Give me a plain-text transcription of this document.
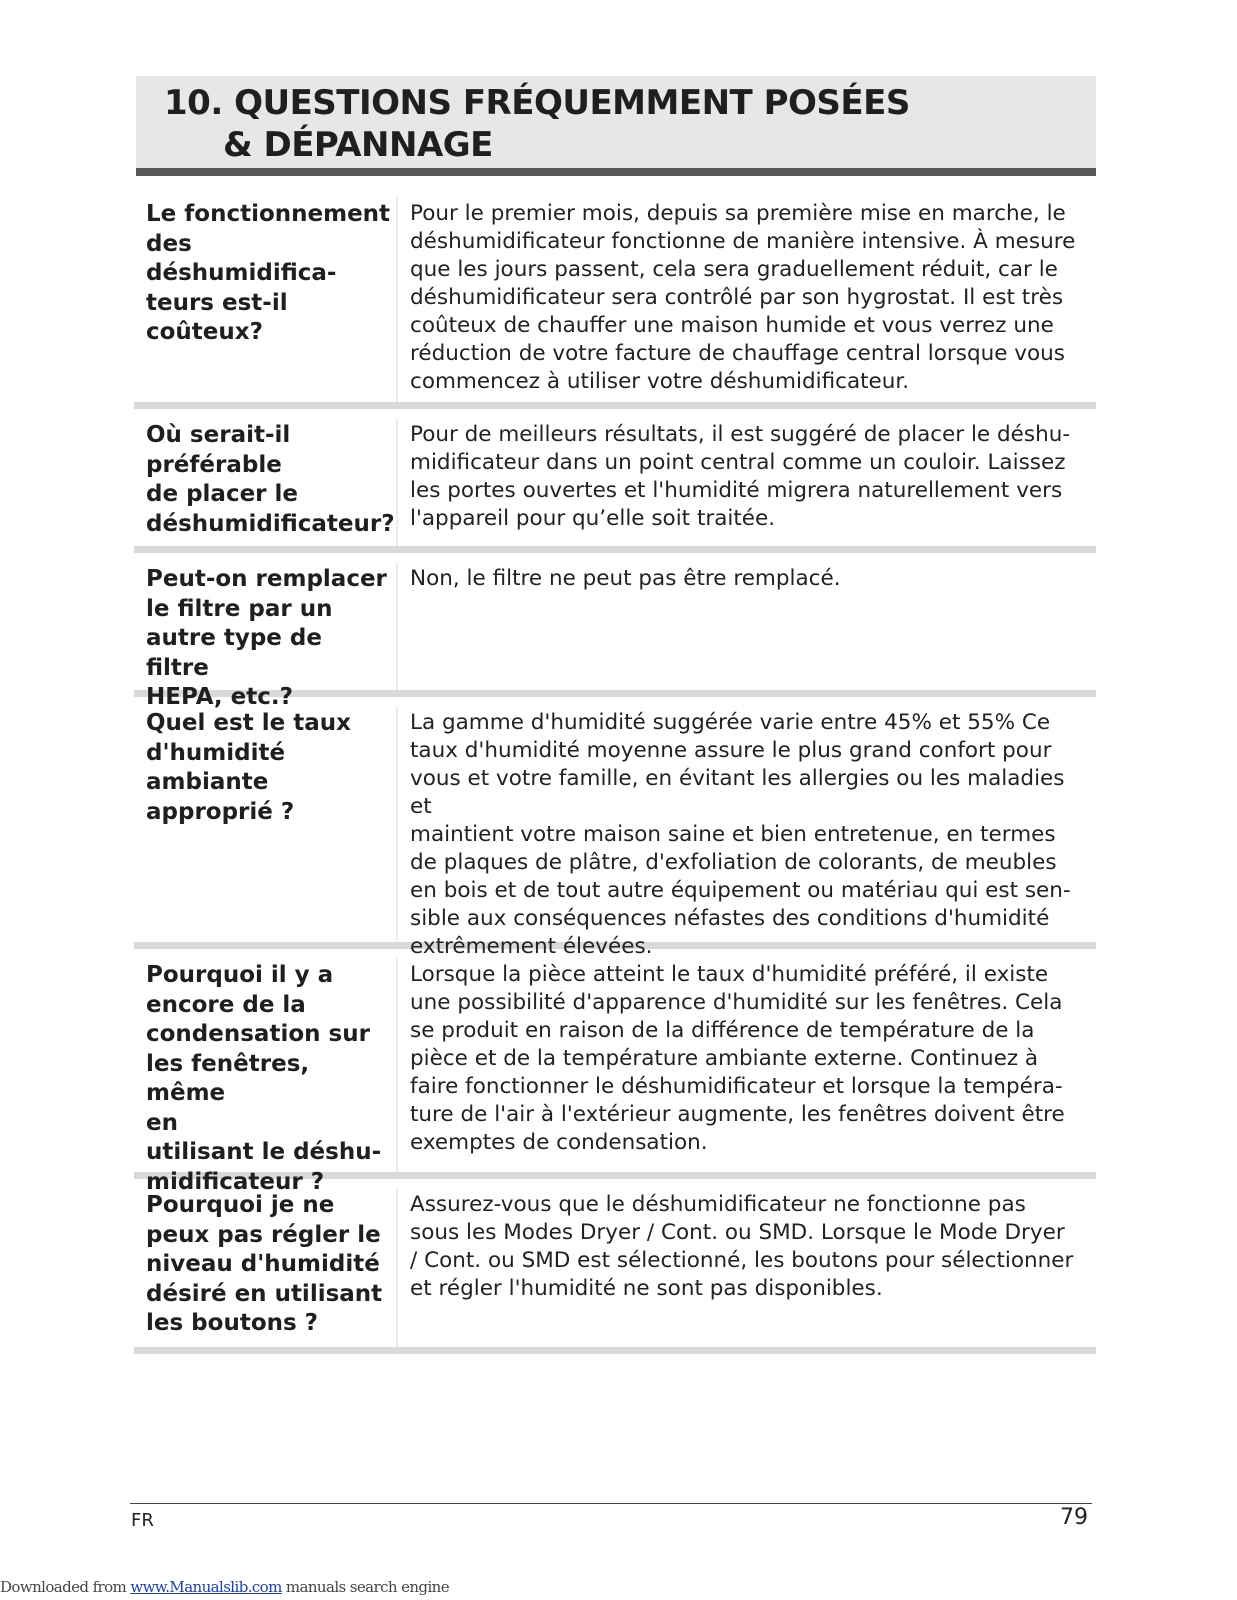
10. QUESTIONS FRÉQUEMMENT POSÉES
& DÉPANNAGE
Le fonctionnement
des
déshumidifica-
teurs est-il
coûteux?
Pour le premier mois, depuis sa première mise en marche, le
déshumidificateur fonctionne de manière intensive. À mesure
que les jours passent, cela sera graduellement réduit, car le
déshumidificateur sera contrôlé par son hygrostat. Il est très
coûteux de chauffer une maison humide et vous verrez une
réduction de votre facture de chauffage central lorsque vous
commencez à utiliser votre déshumidificateur.
Où serait-il
préférable
de placer le
déshumidificateur?
Pour de meilleurs résultats, il est suggéré de placer le déshu-
midificateur dans un point central comme un couloir. Laissez
les portes ouvertes et l'humidité migrera naturellement vers
l'appareil pour qu’elle soit traitée.
Peut-on remplacer
le filtre par un
autre type de filtre
HEPA, etc.?
Non, le filtre ne peut pas être remplacé.
Quel est le taux
d'humidité
ambiante
approprié ?
La gamme d'humidité suggérée varie entre 45% et 55% Ce
taux d'humidité moyenne assure le plus grand confort pour
vous et votre famille, en évitant les allergies ou les maladies et
maintient votre maison saine et bien entretenue, en termes
de plaques de plâtre, d'exfoliation de colorants, de meubles
en bois et de tout autre équipement ou matériau qui est sen-
sible aux conséquences néfastes des conditions d'humidité
extrêmement élevées.
Pourquoi il y a
encore de la
condensation sur
les fenêtres, même
en
utilisant le déshu-
midificateur ?
Lorsque la pièce atteint le taux d'humidité préféré, il existe
une possibilité d'apparence d'humidité sur les fenêtres. Cela
se produit en raison de la différence de température de la
pièce et de la température ambiante externe. Continuez à
faire fonctionner le déshumidificateur et lorsque la tempéra-
ture de l'air à l'extérieur augmente, les fenêtres doivent être
exemptes de condensation.
Pourquoi je ne
peux pas régler le
niveau d'humidité
désiré en utilisant
les boutons ?
Assurez-vous que le déshumidificateur ne fonctionne pas
sous les Modes Dryer / Cont. ou SMD. Lorsque le Mode Dryer
/ Cont. ou SMD est sélectionné, les boutons pour sélectionner
et régler l'humidité ne sont pas disponibles.
FR	79
Downloaded from www.Manualslib.com manuals search engine
